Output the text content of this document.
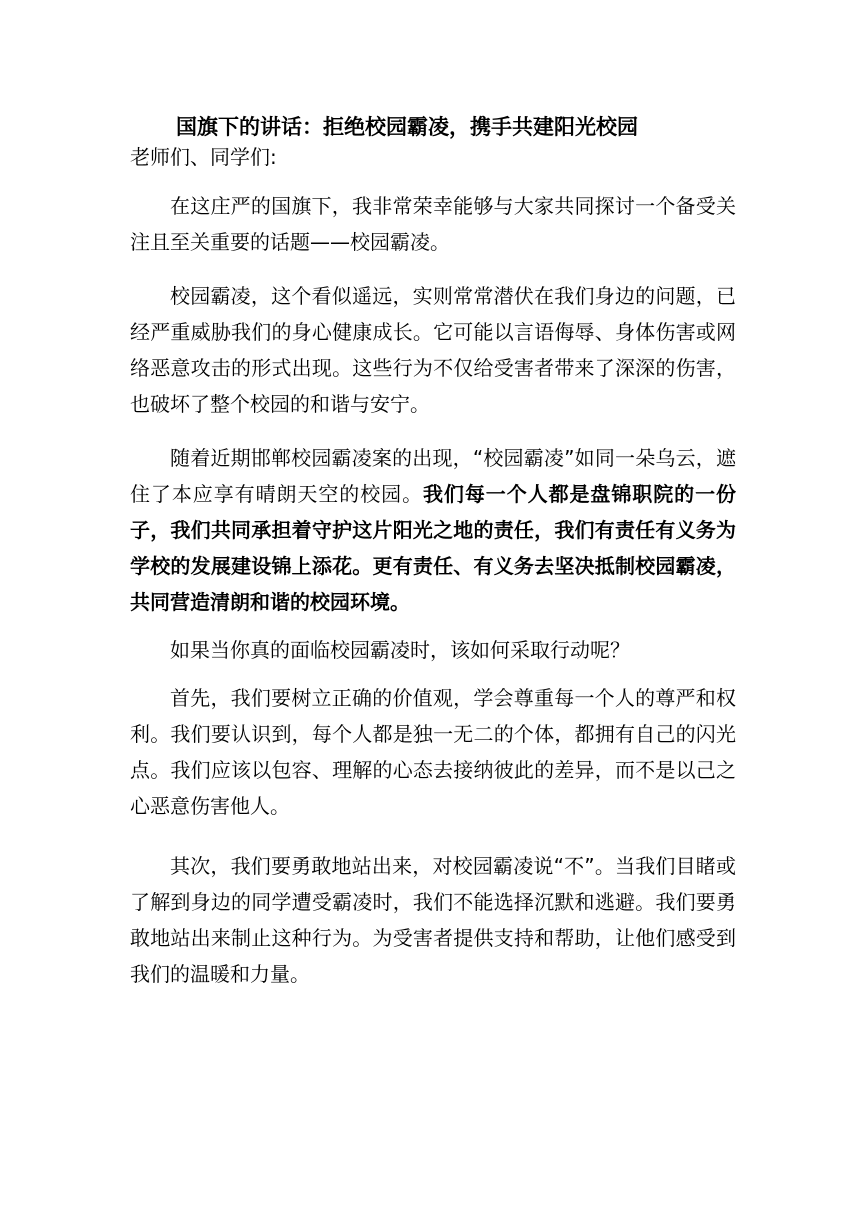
国旗下的讲话：拒绝校园霸凌，携手共建阳光校园

老师们、同学们:

在这庄严的国旗下，我非常荣幸能够与大家共同探讨一个备受关注且至关重要的话题——校园霸凌。

校园霸凌，这个看似遥远，实则常常潜伏在我们身边的问题，已经严重威胁我们的身心健康成长。它可能以言语侮辱、身体伤害或网络恶意攻击的形式出现。这些行为不仅给受害者带来了深深的伤害，也破坏了整个校园的和谐与安宁。

随着近期邯郸校园霸凌案的出现，“校园霸凌”如同一朵乌云，遮住了本应享有晴朗天空的校园。我们每一个人都是盘锦职院的一份子，我们共同承担着守护这片阳光之地的责任，我们有责任有义务为学校的发展建设锦上添花。更有责任、有义务去坚决抵制校园霸凌，共同营造清朗和谐的校园环境。

如果当你真的面临校园霸凌时，该如何采取行动呢？

首先，我们要树立正确的价值观，学会尊重每一个人的尊严和权利。我们要认识到，每个人都是独一无二的个体，都拥有自己的闪光点。我们应该以包容、理解的心态去接纳彼此的差异，而不是以己之心恶意伤害他人。

其次，我们要勇敢地站出来，对校园霸凌说“不”。当我们目睹或了解到身边的同学遭受霸凌时，我们不能选择沉默和逃避。我们要勇敢地站出来制止这种行为。为受害者提供支持和帮助，让他们感受到我们的温暖和力量。
